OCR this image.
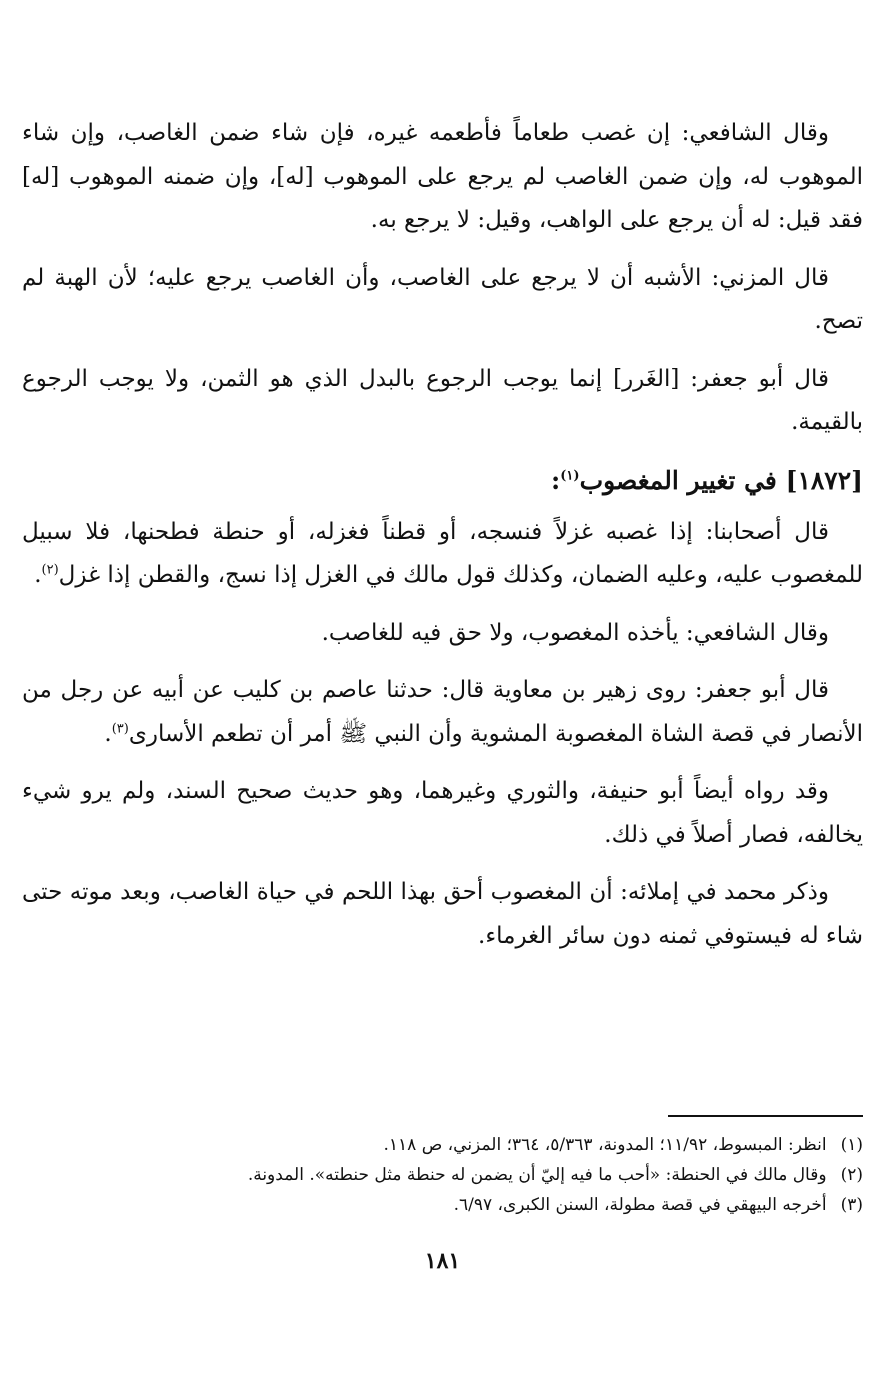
وقال الشافعي: إن غصب طعاماً فأطعمه غيره، فإن شاء ضمن الغاصب، وإن شاء الموهوب له، وإن ضمن الغاصب لم يرجع على الموهوب [له]، وإن ضمنه الموهوب [له] فقد قيل: له أن يرجع على الواهب، وقيل: لا يرجع به.

قال المزني: الأشبه أن لا يرجع على الغاصب، وأن الغاصب يرجع عليه؛ لأن الهبة لم تصح.

قال أبو جعفر: [الغَرر] إنما يوجب الرجوع بالبدل الذي هو الثمن، ولا يوجب الرجوع بالقيمة.

[١٨٧٢] في تغيير المغصوب$^{(١)}$:

قال أصحابنا: إذا غصبه غزلاً فنسجه، أو قطناً فغزله، أو حنطة فطحنها، فلا سبيل للمغصوب عليه، وعليه الضمان، وكذلك قول مالك في الغزل إذا نسج، والقطن إذا غزل$^{(٢)}$.

وقال الشافعي: يأخذه المغصوب، ولا حق فيه للغاصب.

قال أبو جعفر: روى زهير بن معاوية قال: حدثنا عاصم بن كليب عن أبيه عن رجل من الأنصار في قصة الشاة المغصوبة المشوية وأن النبي ﷺ أمر أن تطعم الأسارى$^{(٣)}$.

وقد رواه أيضاً أبو حنيفة، والثوري وغيرهما، وهو حديث صحيح السند، ولم يرو شيء يخالفه، فصار أصلاً في ذلك.

وذكر محمد في إملائه: أن المغصوب أحق بهذا اللحم في حياة الغاصب، وبعد موته حتى شاء له فيستوفي ثمنه دون سائر الغرماء.

(١)
انظر: المبسوط، ١١/٩٢؛ المدونة، ٥/٣٦٣، ٣٦٤؛ المزني، ص ١١٨.
(٢)
وقال مالك في الحنطة: «أحب ما فيه إليّ أن يضمن له حنطة مثل حنطته». المدونة.
(٣)
أخرجه البيهقي في قصة مطولة، السنن الكبرى، ٦/٩٧.
١٨١
